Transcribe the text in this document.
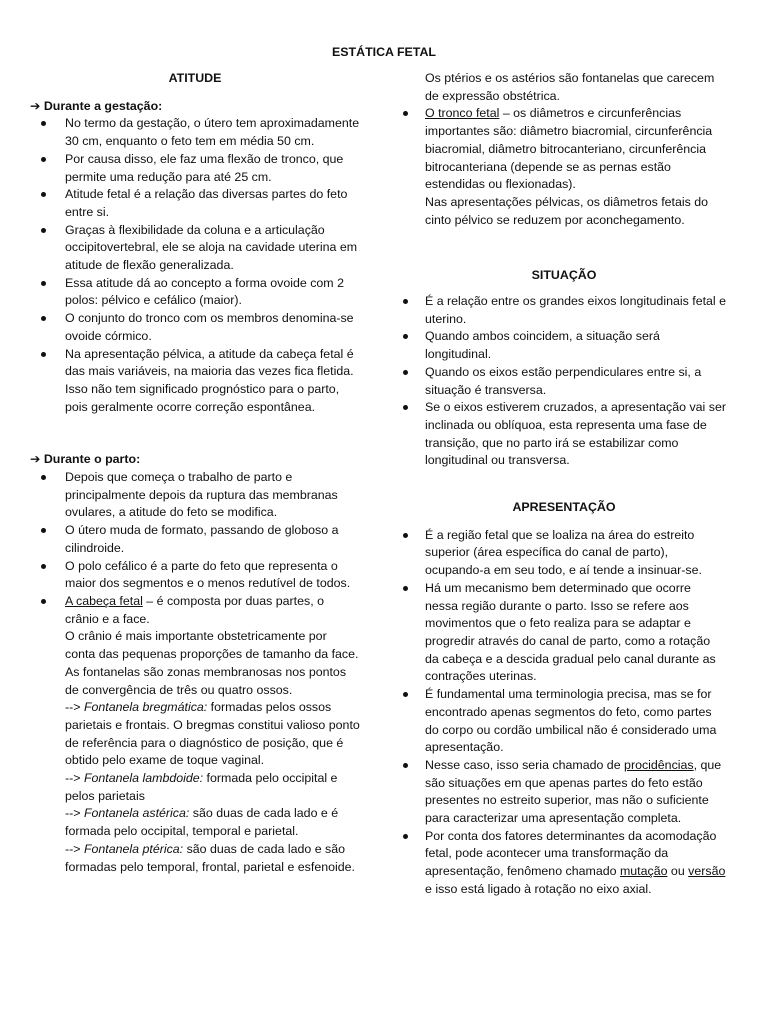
ESTÁTICA FETAL
ATITUDE

➔ Durante a gestação:

No termo da gestação, o útero tem aproximadamente 30 cm, enquanto o feto tem em média 50 cm.
Por causa disso, ele faz uma flexão de tronco, que permite uma redução para até 25 cm.
Atitude fetal é a relação das diversas partes do feto entre si.
Graças à flexibilidade da coluna e a articulação occipitovertebral, ele se aloja na cavidade uterina em atitude de flexão generalizada.
Essa atitude dá ao concepto a forma ovoide com 2 polos: pélvico e cefálico (maior).
O conjunto do tronco com os membros denomina-se ovoide córmico.
Na apresentação pélvica, a atitude da cabeça fetal é das mais variáveis, na maioria das vezes fica fletida. Isso não tem significado prognóstico para o parto, pois geralmente ocorre correção espontânea.

➔ Durante o parto:

Depois que começa o trabalho de parto e principalmente depois da ruptura das membranas ovulares, a atitude do feto se modifica.
O útero muda de formato, passando de globoso a cilindroide.
O polo cefálico é a parte do feto que representa o maior dos segmentos e o menos redutível de todos.
A cabeça fetal – é composta por duas partes, o crânio e a face.

O crânio é mais importante obstetricamente por conta das pequenas proporções de tamanho da face.

As fontanelas são zonas membranosas nos pontos de convergência de três ou quatro ossos.

--> Fontanela bregmática: formadas pelos ossos parietais e frontais. O bregmas constitui valioso ponto de referência para o diagnóstico de posição, que é obtido pelo exame de toque vaginal.

--> Fontanela lambdoide: formada pelo occipital e pelos parietais

--> Fontanela astérica: são duas de cada lado e é formada pelo occipital, temporal e parietal.

--> Fontanela ptérica: são duas de cada lado e são formadas pelo temporal, frontal, parietal e esfenoide.

Os ptérios e os astérios são fontanelas que carecem de expressão obstétrica.

O tronco fetal – os diâmetros e circunferências importantes são: diâmetro biacromial, circunferência biacromial, diâmetro bitrocanteriano, circunferência bitrocanteriana (depende se as pernas estão estendidas ou flexionadas).

Nas apresentações pélvicas, os diâmetros fetais do cinto pélvico se reduzem por aconchegamento.

SITUAÇÃO
É a relação entre os grandes eixos longitudinais fetal e uterino.
Quando ambos coincidem, a situação será longitudinal.
Quando os eixos estão perpendiculares entre si, a situação é transversa.
Se o eixos estiverem cruzados, a apresentação vai ser inclinada ou oblíquoa, esta representa uma fase de transição, que no parto irá se estabilizar como longitudinal ou transversa.
APRESENTAÇÃO
É a região fetal que se loaliza na área do estreito superior (área específica do canal de parto), ocupando-a em seu todo, e aí tende a insinuar-se.
Há um mecanismo bem determinado que ocorre nessa região durante o parto. Isso se refere aos movimentos que o feto realiza para se adaptar e progredir através do canal de parto, como a rotação da cabeça e a descida gradual pelo canal durante as contrações uterinas.
É fundamental uma terminologia precisa, mas se for encontrado apenas segmentos do feto, como partes do corpo ou cordão umbilical não é considerado uma apresentação.
Nesse caso, isso seria chamado de procidências, que são situações em que apenas partes do feto estão presentes no estreito superior, mas não o suficiente para caracterizar uma apresentação completa.
Por conta dos fatores determinantes da acomodação fetal, pode acontecer uma transformação da apresentação, fenômeno chamado mutação ou versão e isso está ligado à rotação no eixo axial.
